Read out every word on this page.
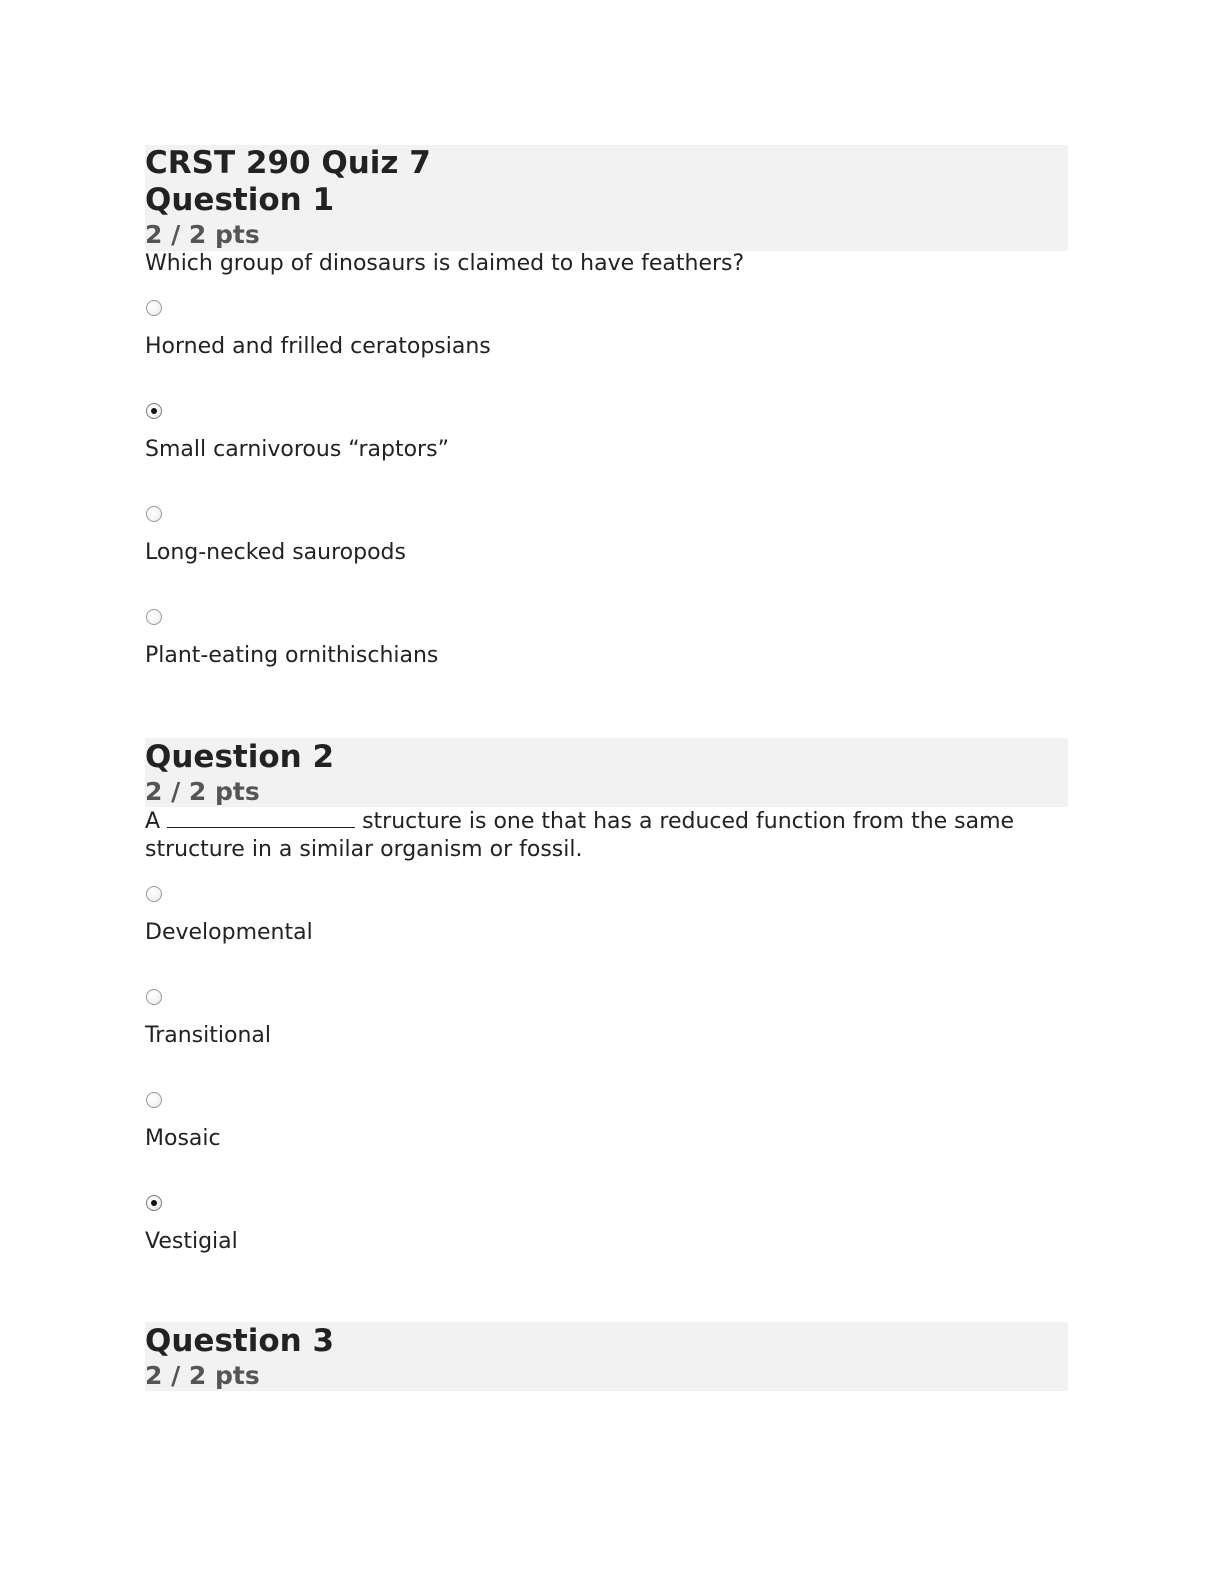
CRST 290 Quiz 7
Question 1
2 / 2 pts
Which group of dinosaurs is claimed to have feathers?
Horned and frilled ceratopsians
Small carnivorous “raptors”
Long-necked sauropods
Plant-eating ornithischians
Question 2
2 / 2 pts
A	structure is one that has a reduced function from the same structure in a similar organism or fossil.
Developmental
Transitional
Mosaic
Vestigial
Question 3
2 / 2 pts
